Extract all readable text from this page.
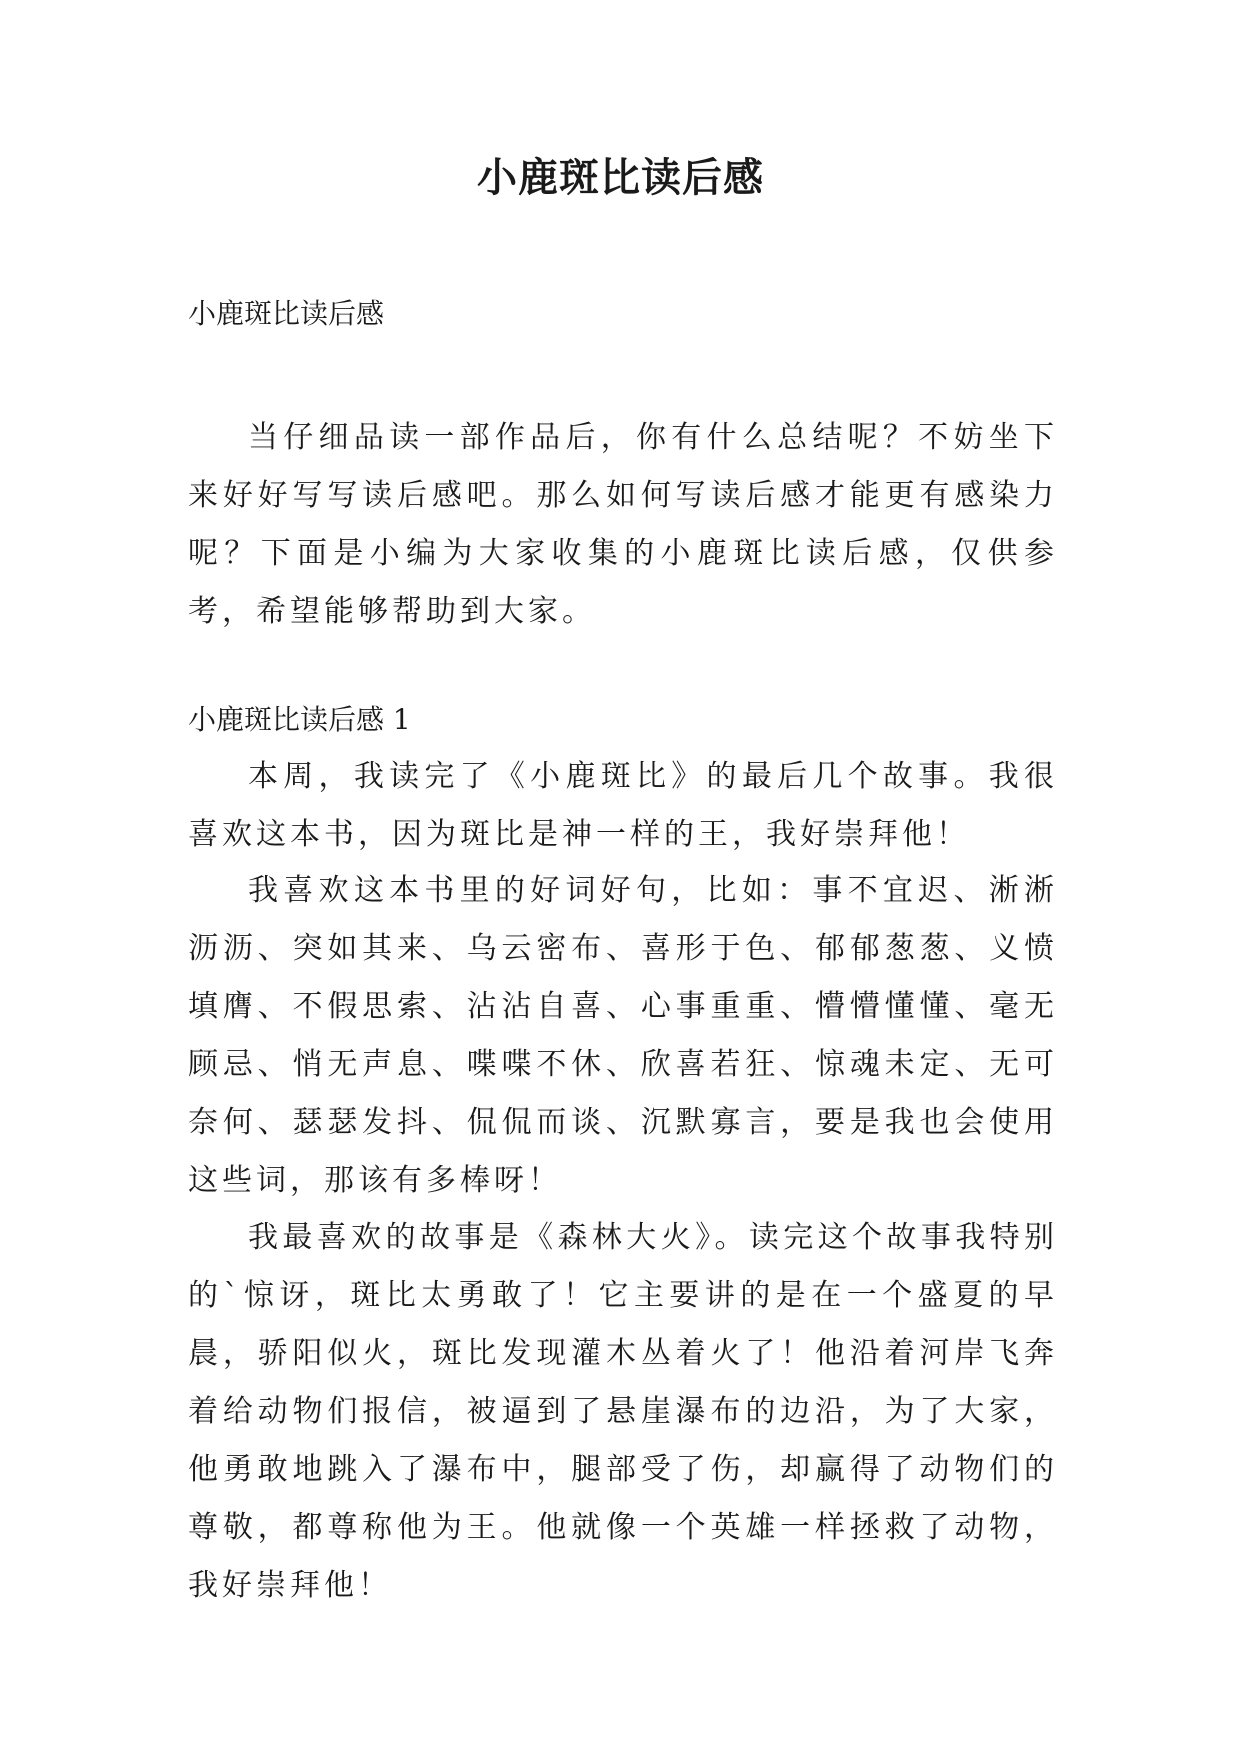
小鹿斑比读后感

小鹿斑比读后感

当仔细品读一部作品后，你有什么总结呢？不妨坐下来好好写写读后感吧。那么如何写读后感才能更有感染力呢？下面是小编为大家收集的小鹿斑比读后感，仅供参考，希望能够帮助到大家。

小鹿斑比读后感 1

本周，我读完了《小鹿斑比》的最后几个故事。我很喜欢这本书，因为斑比是神一样的王，我好崇拜他！

我喜欢这本书里的好词好句，比如：事不宜迟、淅淅沥沥、突如其来、乌云密布、喜形于色、郁郁葱葱、义愤填膺、不假思索、沾沾自喜、心事重重、懵懵懂懂、毫无顾忌、悄无声息、喋喋不休、欣喜若狂、惊魂未定、无可奈何、瑟瑟发抖、侃侃而谈、沉默寡言，要是我也会使用这些词，那该有多棒呀！

我最喜欢的故事是《森林大火》。读完这个故事我特别的`惊讶，斑比太勇敢了！它主要讲的是在一个盛夏的早晨，骄阳似火，斑比发现灌木丛着火了！他沿着河岸飞奔着给动物们报信，被逼到了悬崖瀑布的边沿，为了大家，他勇敢地跳入了瀑布中，腿部受了伤，却赢得了动物们的尊敬，都尊称他为王。他就像一个英雄一样拯救了动物，我好崇拜他！
